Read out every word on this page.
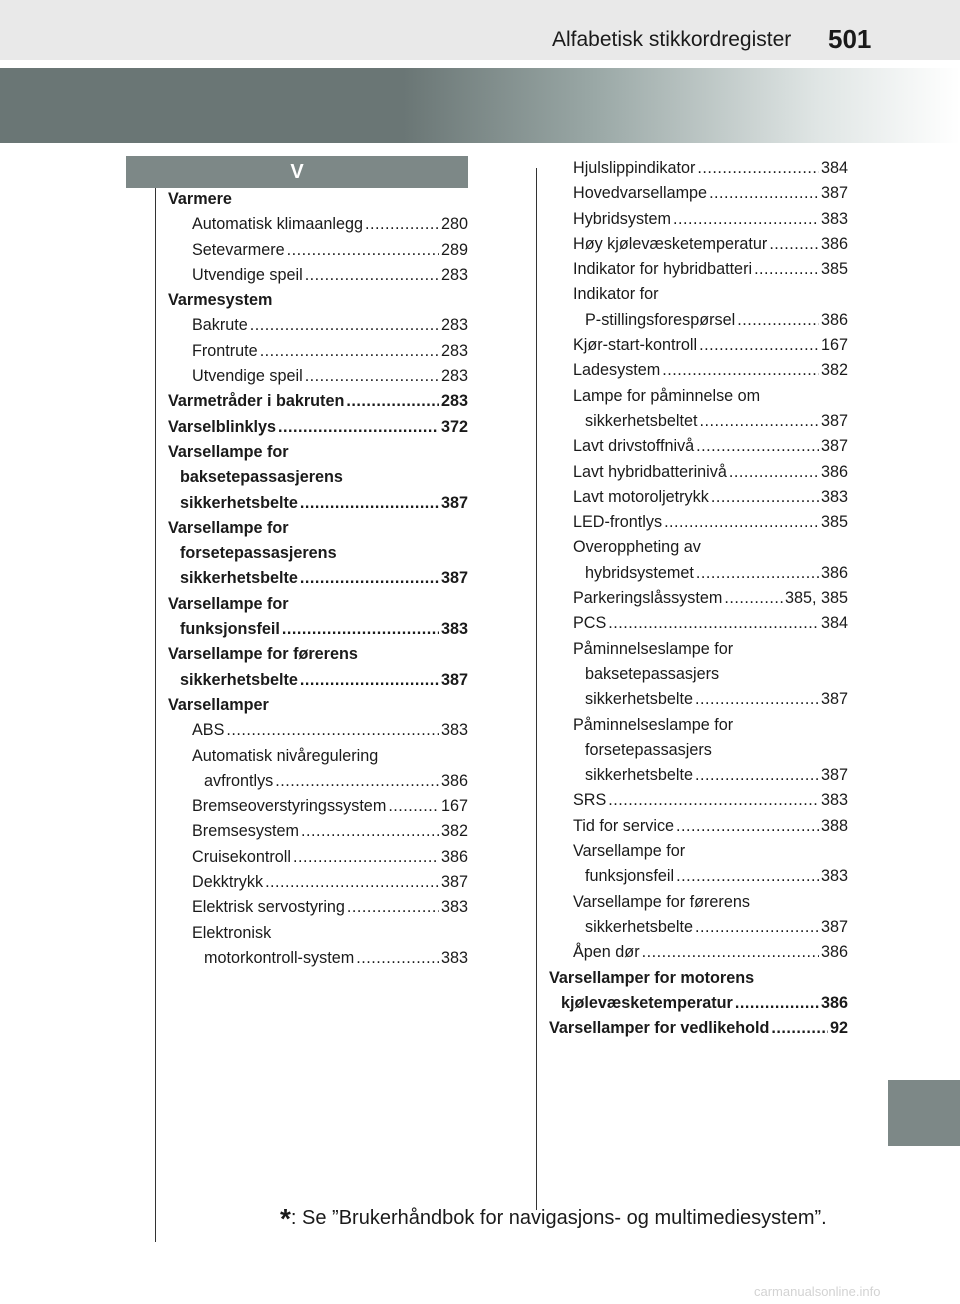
Alfabetisk stikkordregister 501
V
Varmere
Automatisk klimaanlegg .....	280
Setevarmere .....	289
Utvendige speil .....	283
Varmesystem
Bakrute .....	283
Frontrute .....	283
Utvendige speil .....	283
Varmetråder i bakruten .....	283
Varselblinklys .....	372
Varsellampe for
baksetepassasjerens
sikkerhetsbelte .....	387
Varsellampe for
forsetepassasjerens
sikkerhetsbelte .....	387
Varsellampe for
funksjonsfeil .....	383
Varsellampe for førerens
sikkerhetsbelte .....	387
Varsellamper
ABS .....	383
Automatisk nivåregulering
avfrontlys .....	386
Bremseoverstyringssystem .....	167
Bremsesystem .....	382
Cruisekontroll .....	386
Dekktrykk .....	387
Elektrisk servostyring .....	383
Elektronisk
motorkontroll-system .....	383
Hjulslippindikator .....	384
Hovedvarsellampe .....	387
Hybridsystem .....	383
Høy kjølevæsketemperatur .....	386
Indikator for hybridbatteri .....	385
Indikator for
P-stillingsforespørsel .....	386
Kjør-start-kontroll .....	167
Ladesystem .....	382
Lampe for påminnelse om
sikkerhetsbeltet .....	387
Lavt drivstoffnivå .....	387
Lavt hybridbatterinivå .....	386
Lavt motoroljetrykk .....	383
LED-frontlys .....	385
Overoppheting av
hybridsystemet .....	386
Parkeringslåssystem .....	385, 385
PCS .....	384
Påminnelseslampe for
baksetepassasjers
sikkerhetsbelte .....	387
Påminnelseslampe for
forsetepassasjers
sikkerhetsbelte .....	387
SRS .....	383
Tid for service .....	388
Varsellampe for
funksjonsfeil .....	383
Varsellampe for førerens
sikkerhetsbelte .....	387
Åpen dør .....	386
Varsellamper for motorens
kjølevæsketemperatur .....	386
Varsellamper for vedlikehold .....	92
*: Se ”Brukerhåndbok for navigasjons- og multimediesystem”.
carmanualsonline.info
